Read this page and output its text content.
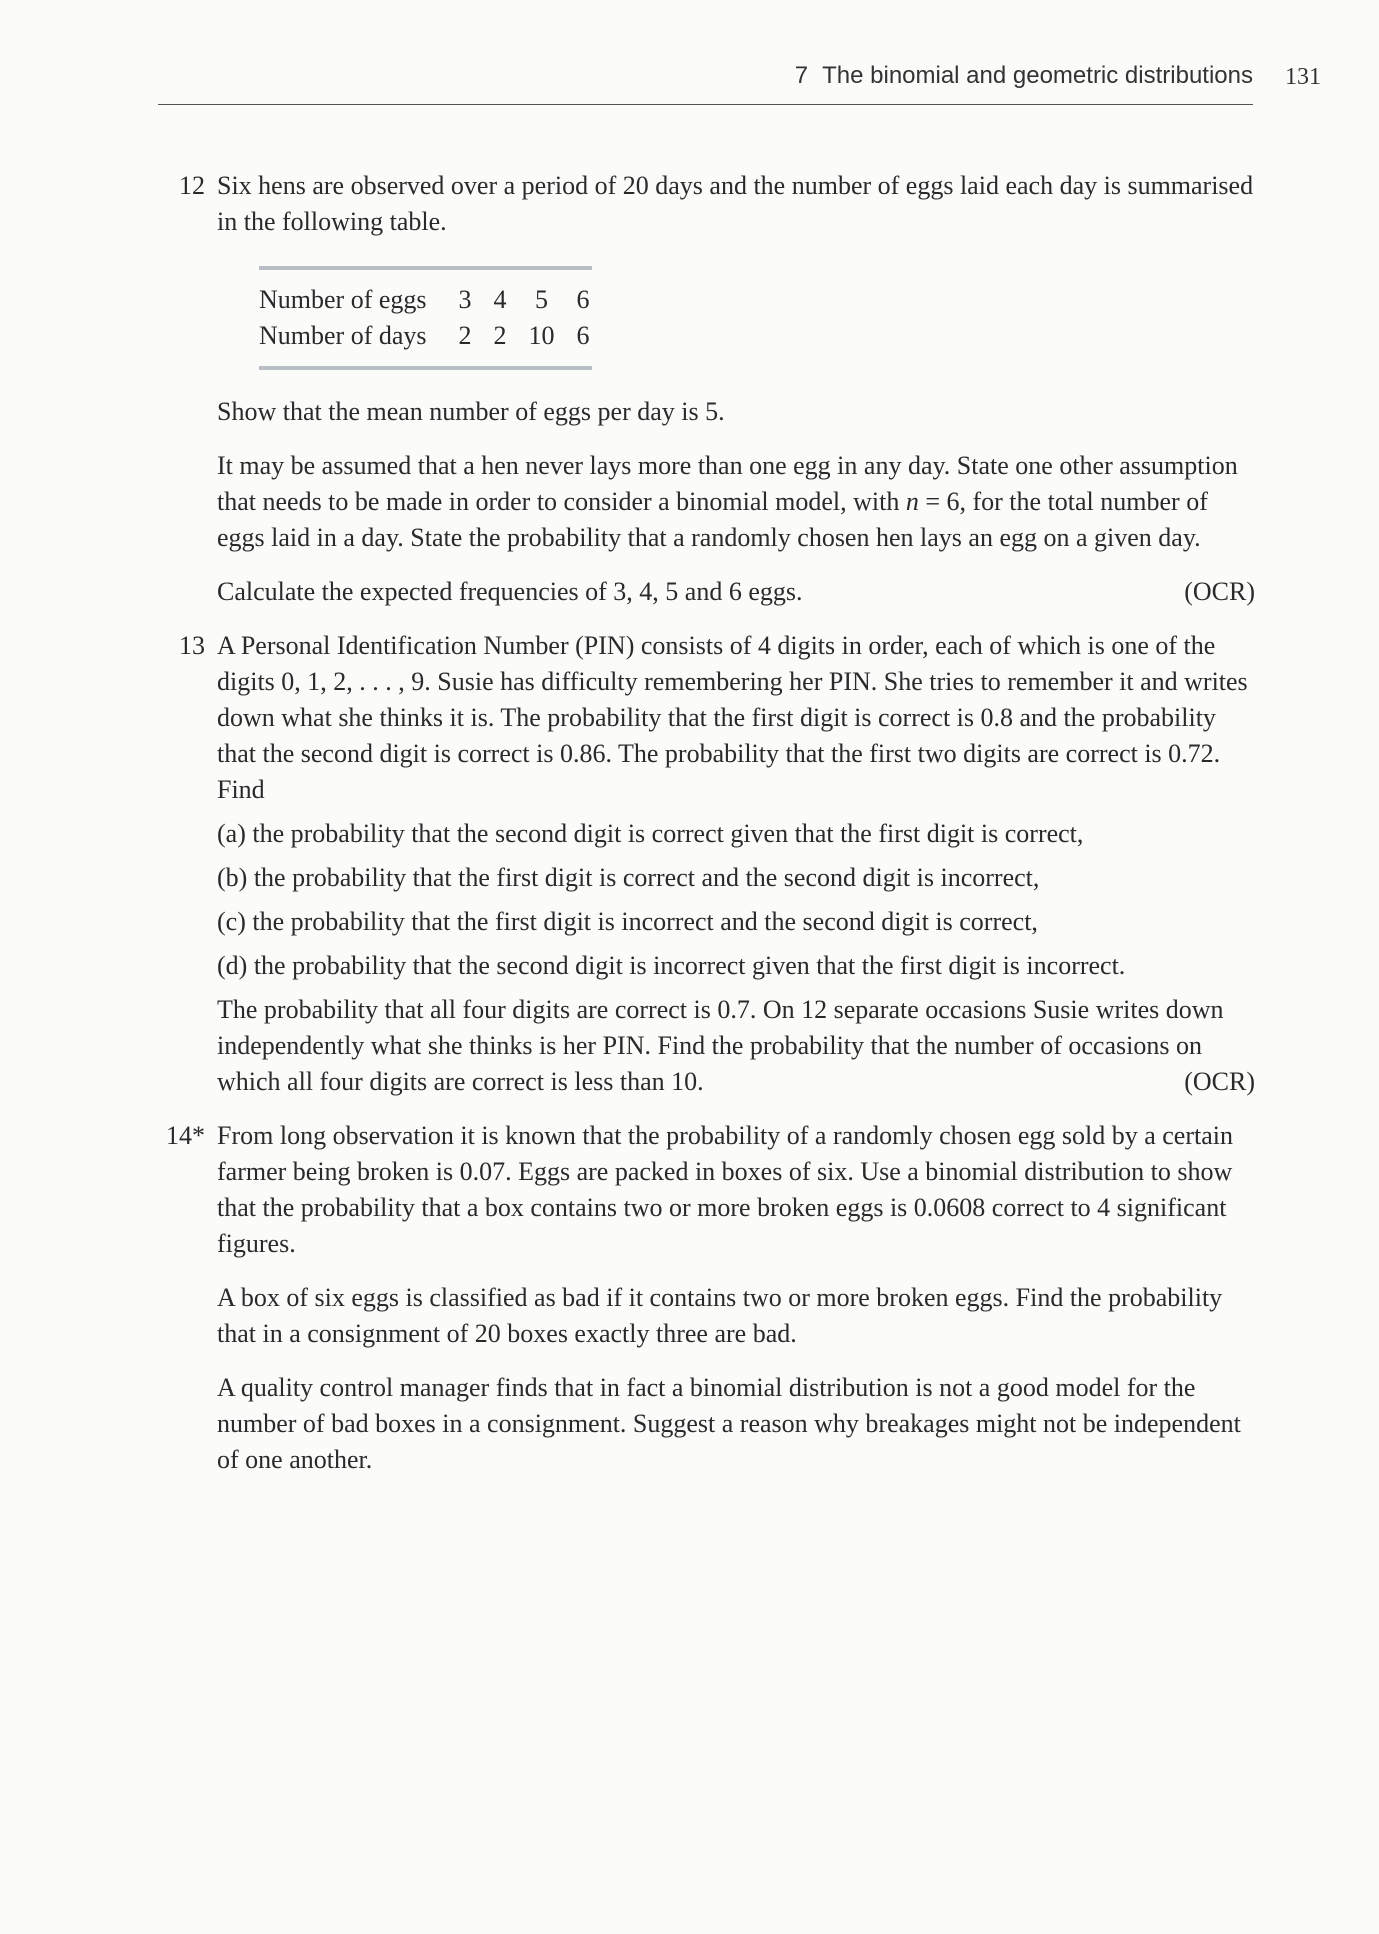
7 The binomial and geometric distributions 131
12 Six hens are observed over a period of 20 days and the number of eggs laid each day is summarised in the following table.

Number of eggs	3	4	5	6
Number of days	2	2	10	6

Show that the mean number of eggs per day is 5.

It may be assumed that a hen never lays more than one egg in any day. State one other assumption that needs to be made in order to consider a binomial model, with n = 6, for the total number of eggs laid in a day. State the probability that a randomly chosen hen lays an egg on a given day.

Calculate the expected frequencies of 3, 4, 5 and 6 eggs.	(OCR)

13 A Personal Identification Number (PIN) consists of 4 digits in order, each of which is one of the digits 0, 1, 2, . . . , 9. Susie has difficulty remembering her PIN. She tries to remember it and writes down what she thinks it is. The probability that the first digit is correct is 0.8 and the probability that the second digit is correct is 0.86. The probability that the first two digits are correct is 0.72. Find

(a) the probability that the second digit is correct given that the first digit is correct,

(b) the probability that the first digit is correct and the second digit is incorrect,

(c) the probability that the first digit is incorrect and the second digit is correct,

(d) the probability that the second digit is incorrect given that the first digit is incorrect.

The probability that all four digits are correct is 0.7. On 12 separate occasions Susie writes down independently what she thinks is her PIN. Find the probability that the number of occasions on which all four digits are correct is less than 10.	(OCR)

14* From long observation it is known that the probability of a randomly chosen egg sold by a certain farmer being broken is 0.07. Eggs are packed in boxes of six. Use a binomial distribution to show that the probability that a box contains two or more broken eggs is 0.0608 correct to 4 significant figures.

A box of six eggs is classified as bad if it contains two or more broken eggs. Find the probability that in a consignment of 20 boxes exactly three are bad.

A quality control manager finds that in fact a binomial distribution is not a good model for the number of bad boxes in a consignment. Suggest a reason why breakages might not be independent of one another.
